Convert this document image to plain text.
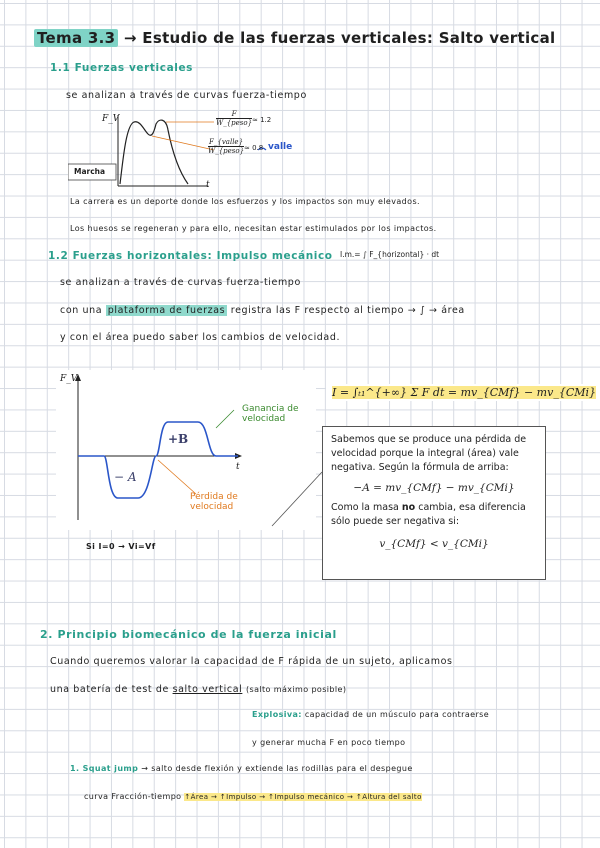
Tema 3.3 → Estudio de las fuerzas verticales: Salto vertical
1.1 Fuerzas verticales
se analizan a través de curvas fuerza-tiempo
F_V
t
Marcha
F
W_{peso} ≈ 1.2
F_{valle}
W_{peso} ≈ 0.8 valle
La carrera es un deporte donde los esfuerzos y los impactos son muy elevados.
Los huesos se regeneran y para ello, necesitan estar estimulados por los impactos.
1.2 Fuerzas horizontales: Impulso mecánico I.m.= ∫ F_{horizontal} · dt
se analizan a través de curvas fuerza-tiempo
con una plataforma de fuerzas registra las F respecto al tiempo → ∫ → área
y con el área puedo saber los cambios de velocidad.
F_V
t
+B
− A
Ganancia de
velocidad
Pérdida de
velocidad
I = ∫ₜ₁^{+∞} Σ F dt = mv_{CMf} − mv_{CMi}
Sabemos que se produce una pérdida de velocidad porque la integral (área) vale negativa. Según la fórmula de arriba:
−A = mv_{CMf} − mv_{CMi}
Como la masa no cambia, esa diferencia sólo puede ser negativa si:
v_{CMf} < v_{CMi}
Si I=0 → Vi=Vf
2. Principio biomecánico de la fuerza inicial
Cuando queremos valorar la capacidad de F rápida de un sujeto, aplicamos
una batería de test de salto vertical (salto máximo posible)
Explosiva: capacidad de un músculo para contraerse
y generar mucha F en poco tiempo
1. Squat jump → salto desde flexión y extiende las rodillas para el despegue
curva Fracción-tiempo ↑Área → ↑Impulso → ↑Impulso mecánico → ↑Altura del salto
